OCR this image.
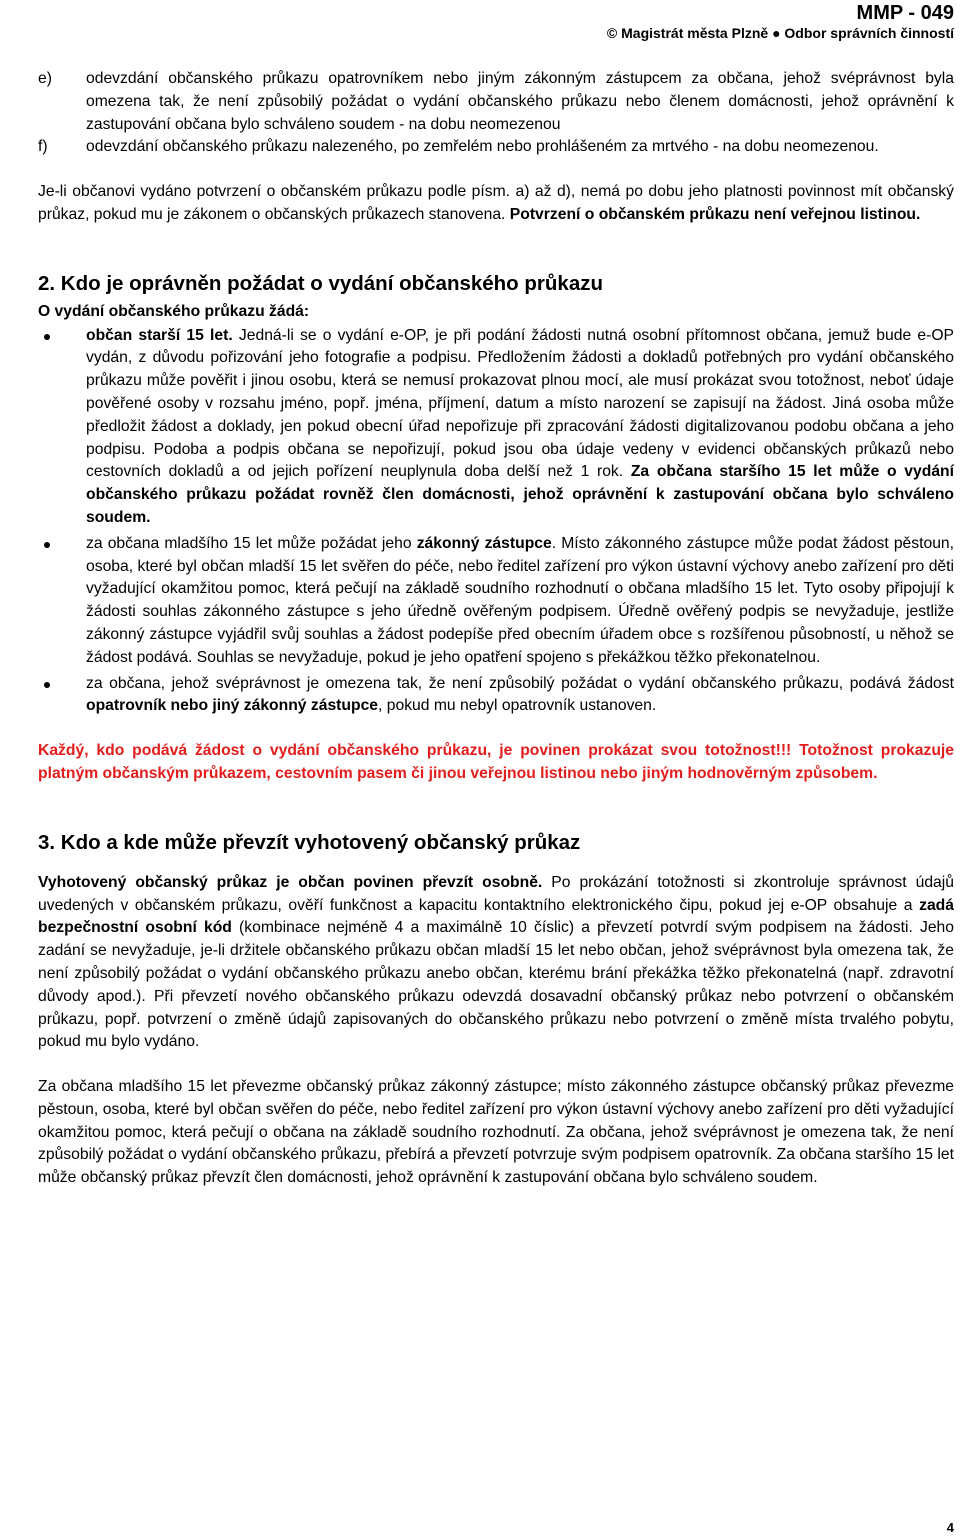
MMP - 049
© Magistrát města Plzně ● Odbor správních činností
e) odevzdání občanského průkazu opatrovníkem nebo jiným zákonným zástupcem za občana, jehož svéprávnost byla omezena tak, že není způsobilý požádat o vydání občanského průkazu nebo členem domácnosti, jehož oprávnění k zastupování občana bylo schváleno soudem - na dobu neomezenou
f) odevzdání občanského průkazu nalezeného, po zemřelém nebo prohlášeném za mrtvého - na dobu neomezenou.

Je-li občanovi vydáno potvrzení o občanském průkazu podle písm. a) až d), nemá po dobu jeho platnosti povinnost mít občanský průkaz, pokud mu je zákonem o občanských průkazech stanovena. Potvrzení o občanském průkazu není veřejnou listinou.

2. Kdo je oprávněn požádat o vydání občanského průkazu

O vydání občanského průkazu žádá:

občan starší 15 let. Jedná-li se o vydání e-OP, je při podání žádosti nutná osobní přítomnost občana, jemuž bude e-OP vydán, z důvodu pořizování jeho fotografie a podpisu. Předložením žádosti a dokladů potřebných pro vydání občanského průkazu může pověřit i jinou osobu, která se nemusí prokazovat plnou mocí, ale musí prokázat svou totožnost, neboť údaje pověřené osoby v rozsahu jméno, popř. jména, příjmení, datum a místo narození se zapisují na žádost. Jiná osoba může předložit žádost a doklady, jen pokud obecní úřad nepořizuje při zpracování žádosti digitalizovanou podobu občana a jeho podpisu. Podoba a podpis občana se nepořizují, pokud jsou oba údaje vedeny v evidenci občanských průkazů nebo cestovních dokladů a od jejich pořízení neuplynula doba delší než 1 rok. Za občana staršího 15 let může o vydání občanského průkazu požádat rovněž člen domácnosti, jehož oprávnění k zastupování občana bylo schváleno soudem.
za občana mladšího 15 let může požádat jeho zákonný zástupce. Místo zákonného zástupce může podat žádost pěstoun, osoba, které byl občan mladší 15 let svěřen do péče, nebo ředitel zařízení pro výkon ústavní výchovy anebo zařízení pro děti vyžadující okamžitou pomoc, která pečují na základě soudního rozhodnutí o občana mladšího 15 let. Tyto osoby připojují k žádosti souhlas zákonného zástupce s jeho úředně ověřeným podpisem. Úředně ověřený podpis se nevyžaduje, jestliže zákonný zástupce vyjádřil svůj souhlas a žádost podepíše před obecním úřadem obce s rozšířenou působností, u něhož se žádost podává. Souhlas se nevyžaduje, pokud je jeho opatření spojeno s překážkou těžko překonatelnou.
za občana, jehož svéprávnost je omezena tak, že není způsobilý požádat o vydání občanského průkazu, podává žádost opatrovník nebo jiný zákonný zástupce, pokud mu nebyl opatrovník ustanoven.

Každý, kdo podává žádost o vydání občanského průkazu, je povinen prokázat svou totožnost!!! Totožnost prokazuje platným občanským průkazem, cestovním pasem či jinou veřejnou listinou nebo jiným hodnověrným způsobem.

3. Kdo a kde může převzít vyhotovený občanský průkaz

Vyhotovený občanský průkaz je občan povinen převzít osobně. Po prokázání totožnosti si zkontroluje správnost údajů uvedených v občanském průkazu, ověří funkčnost a kapacitu kontaktního elektronického čipu, pokud jej e-OP obsahuje a zadá bezpečnostní osobní kód (kombinace nejméně 4 a maximálně 10 číslic) a převzetí potvrdí svým podpisem na žádosti. Jeho zadání se nevyžaduje, je-li držitele občanského průkazu občan mladší 15 let nebo občan, jehož svéprávnost byla omezena tak, že není způsobilý požádat o vydání občanského průkazu anebo občan, kterému brání překážka těžko překonatelná (např. zdravotní důvody apod.). Při převzetí nového občanského průkazu odevzdá dosavadní občanský průkaz nebo potvrzení o občanském průkazu, popř. potvrzení o změně údajů zapisovaných do občanského průkazu nebo potvrzení o změně místa trvalého pobytu, pokud mu bylo vydáno.

Za občana mladšího 15 let převezme občanský průkaz zákonný zástupce; místo zákonného zástupce občanský průkaz převezme pěstoun, osoba, které byl občan svěřen do péče, nebo ředitel zařízení pro výkon ústavní výchovy anebo zařízení pro děti vyžadující okamžitou pomoc, která pečují o občana na základě soudního rozhodnutí. Za občana, jehož svéprávnost je omezena tak, že není způsobilý požádat o vydání občanského průkazu, přebírá a převzetí potvrzuje svým podpisem opatrovník. Za občana staršího 15 let může občanský průkaz převzít člen domácnosti, jehož oprávnění k zastupování občana bylo schváleno soudem.

4
